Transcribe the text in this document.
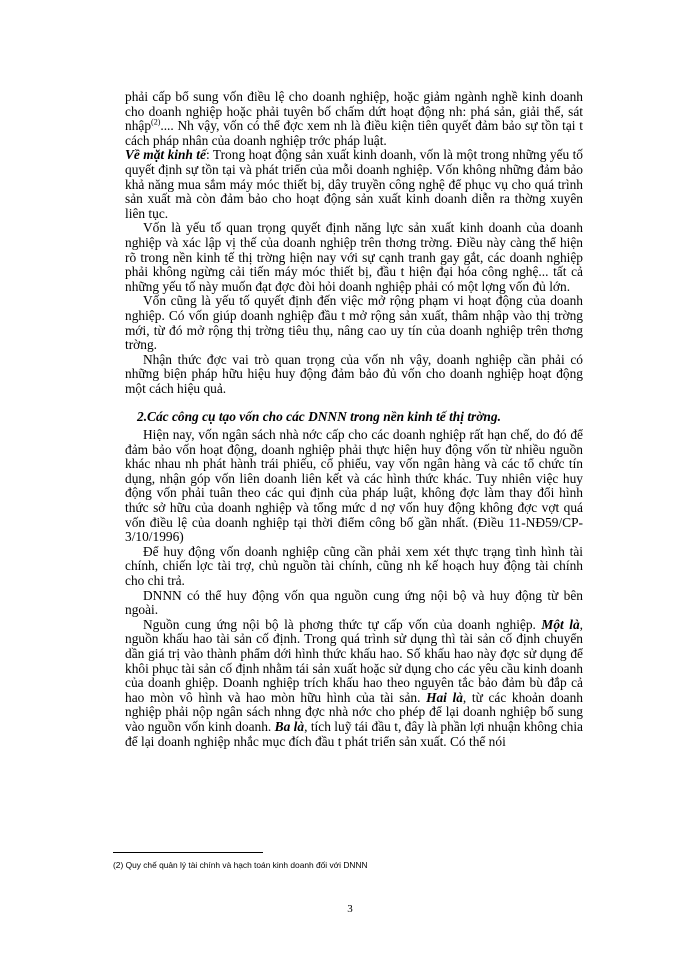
phải cấp bổ sung vốn điều lệ cho doanh nghiệp, hoặc giảm ngành nghề kinh doanh cho doanh nghiệp hoặc phải tuyên bố chấm dứt hoạt động nh: phá sản, giải thể, sát nhập$^{(2)}$.... Nh vậy, vốn có thể đợc xem nh là điều kiện tiên quyết đảm bảo sự tồn tại t cách pháp nhân của doanh nghiệp trớc pháp luật.

Về mặt kinh tế: Trong hoạt động sản xuất kinh doanh, vốn là một trong những yếu tố quyết định sự tồn tại và phát triển của mỗi doanh nghiệp. Vốn không những đảm bảo khả năng mua sắm máy móc thiết bị, dây truyền công nghệ để phục vụ cho quá trình sản xuất mà còn đảm bảo cho hoạt động sản xuất kinh doanh diễn ra thờng xuyên liên tục.

Vốn là yếu tố quan trọng quyết định năng lực sản xuất kinh doanh của doanh nghiệp và xác lập vị thế của doanh nghiệp trên thơng trờng. Điều này càng thể hiện rõ trong nền kinh tế thị trờng hiện nay với sự cạnh tranh gay gắt, các doanh nghiệp phải không ngừng cải tiến máy móc thiết bị, đầu t hiện đại hóa công nghệ... tất cả những yếu tố này muốn đạt đợc đòi hỏi doanh nghiệp phải có một lợng vốn đủ lớn.

Vốn cũng là yếu tố quyết định đến việc mở rộng phạm vi hoạt động của doanh nghiệp. Có vốn giúp doanh nghiệp đầu t mở rộng sản xuất, thâm nhập vào thị trờng mới, từ đó mở rộng thị trờng tiêu thụ, nâng cao uy tín của doanh nghiệp trên thơng trờng.

Nhận thức đợc vai trò quan trọng của vốn nh vậy, doanh nghiệp cần phải có những biện pháp hữu hiệu huy động đảm bảo đủ vốn cho doanh nghiệp hoạt động một cách hiệu quả.

2.Các công cụ tạo vốn cho các DNNN trong nền kinh tế thị trờng.

Hiện nay, vốn ngân sách nhà nớc cấp cho các doanh nghiệp rất hạn chế, do đó để đảm bảo vốn hoạt động, doanh nghiệp phải thực hiện huy động vốn từ nhiều nguồn khác nhau nh phát hành trái phiếu, cổ phiếu, vay vốn ngân hàng và các tổ chức tín dụng, nhận góp vốn liên doanh liên kết và các hình thức khác. Tuy nhiên việc huy động vốn phải tuân theo các qui định của pháp luật, không đợc làm thay đổi hình thức sở hữu của doanh nghiệp và tổng mức d nợ vốn huy động không đợc vợt quá vốn điều lệ của doanh nghiệp tại thời điểm công bố gần nhất. (Điều 11-NĐ59/CP-3/10/1996)

Để huy động vốn doanh nghiệp cũng cần phải xem xét thực trạng tình hình tài chính, chiến lợc tài trợ, chủ nguồn tài chính, cũng nh kế hoạch huy động tài chính cho chi trả.

DNNN có thể huy động vốn qua nguồn cung ứng nội bộ và huy động từ bên ngoài.

Nguồn cung ứng nội bộ là phơng thức tự cấp vốn của doanh nghiệp. Một là, nguồn khấu hao tài sản cố định. Trong quá trình sử dụng thì tài sản cố định chuyển dần giá trị vào thành phẩm dới hình thức khấu hao. Số khấu hao này đợc sử dụng để khôi phục tài sản cố định nhằm tái sản xuất hoặc sử dụng cho các yêu cầu kinh doanh của doanh ghiệp. Doanh nghiệp trích khấu hao theo nguyên tắc bảo đảm bù đắp cả hao mòn vô hình và hao mòn hữu hình của tài sản. Hai là, từ các khoản doanh nghiệp phải nộp ngân sách nhng đợc nhà nớc cho phép để lại doanh nghiệp bổ sung vào nguồn vốn kinh doanh. Ba là, tích luỹ tái đầu t, đây là phần lợi nhuận không chia để lại doanh nghiệp nhắc mục đích đầu t phát triển sản xuất. Có thể nói

(2) Quy chế quản lý tài chính và hạch toán kinh doanh đối với DNNN
3
